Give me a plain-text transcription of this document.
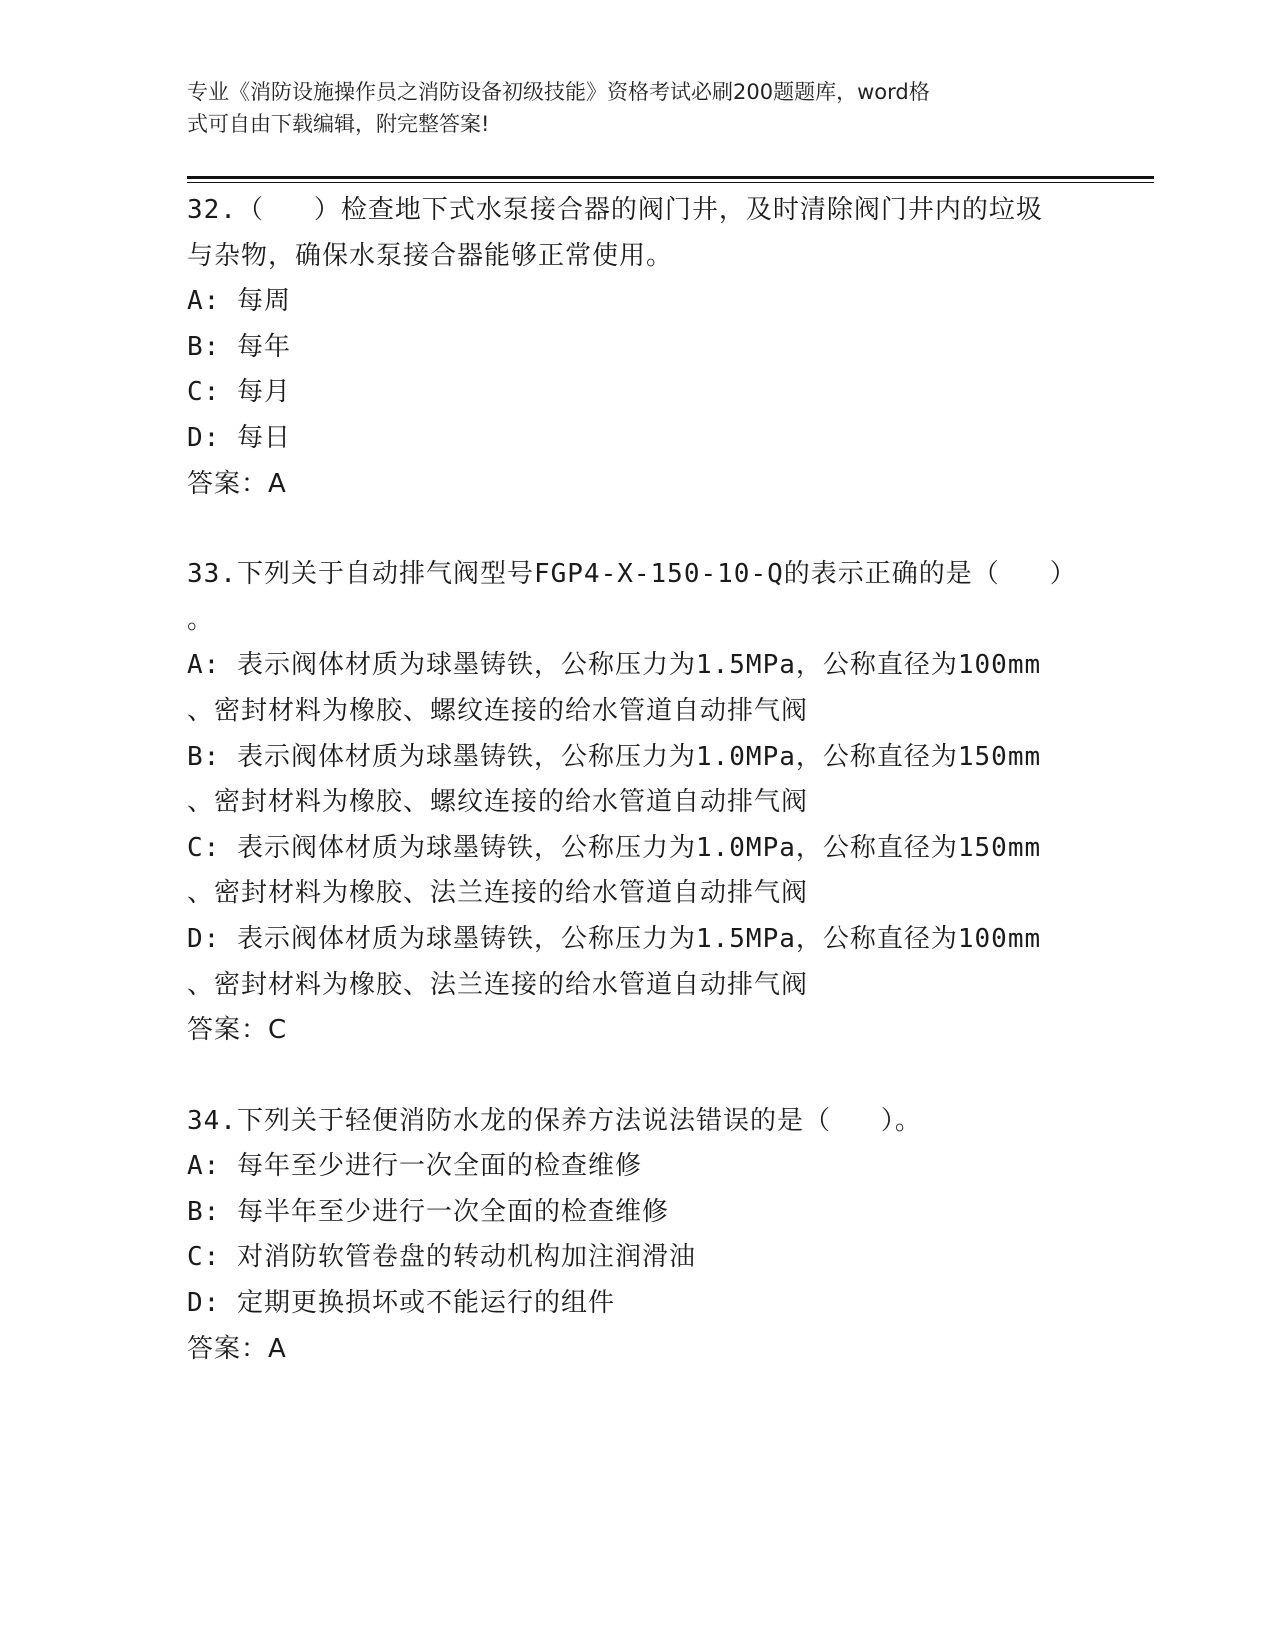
专业《消防设施操作员之消防设备初级技能》资格考试必刷200题题库，word格
式可自由下载编辑，附完整答案!
32.（   ）检查地下式水泵接合器的阀门井，及时清除阀门井内的垃圾
与杂物，确保水泵接合器能够正常使用。
A: 每周
B: 每年
C: 每月
D: 每日
答案：A
33.下列关于自动排气阀型号FGP4-X-150-10-Q的表示正确的是（   ）
。
A: 表示阀体材质为球墨铸铁，公称压力为1.5MPa，公称直径为100mm
、密封材料为橡胶、螺纹连接的给水管道自动排气阀
B: 表示阀体材质为球墨铸铁，公称压力为1.0MPa，公称直径为150mm
、密封材料为橡胶、螺纹连接的给水管道自动排气阀
C: 表示阀体材质为球墨铸铁，公称压力为1.0MPa，公称直径为150mm
、密封材料为橡胶、法兰连接的给水管道自动排气阀
D: 表示阀体材质为球墨铸铁，公称压力为1.5MPa，公称直径为100mm
、密封材料为橡胶、法兰连接的给水管道自动排气阀
答案：C
34.下列关于轻便消防水龙的保养方法说法错误的是（   ）。
A: 每年至少进行一次全面的检查维修
B: 每半年至少进行一次全面的检查维修
C: 对消防软管卷盘的转动机构加注润滑油
D: 定期更换损坏或不能运行的组件
答案：A
